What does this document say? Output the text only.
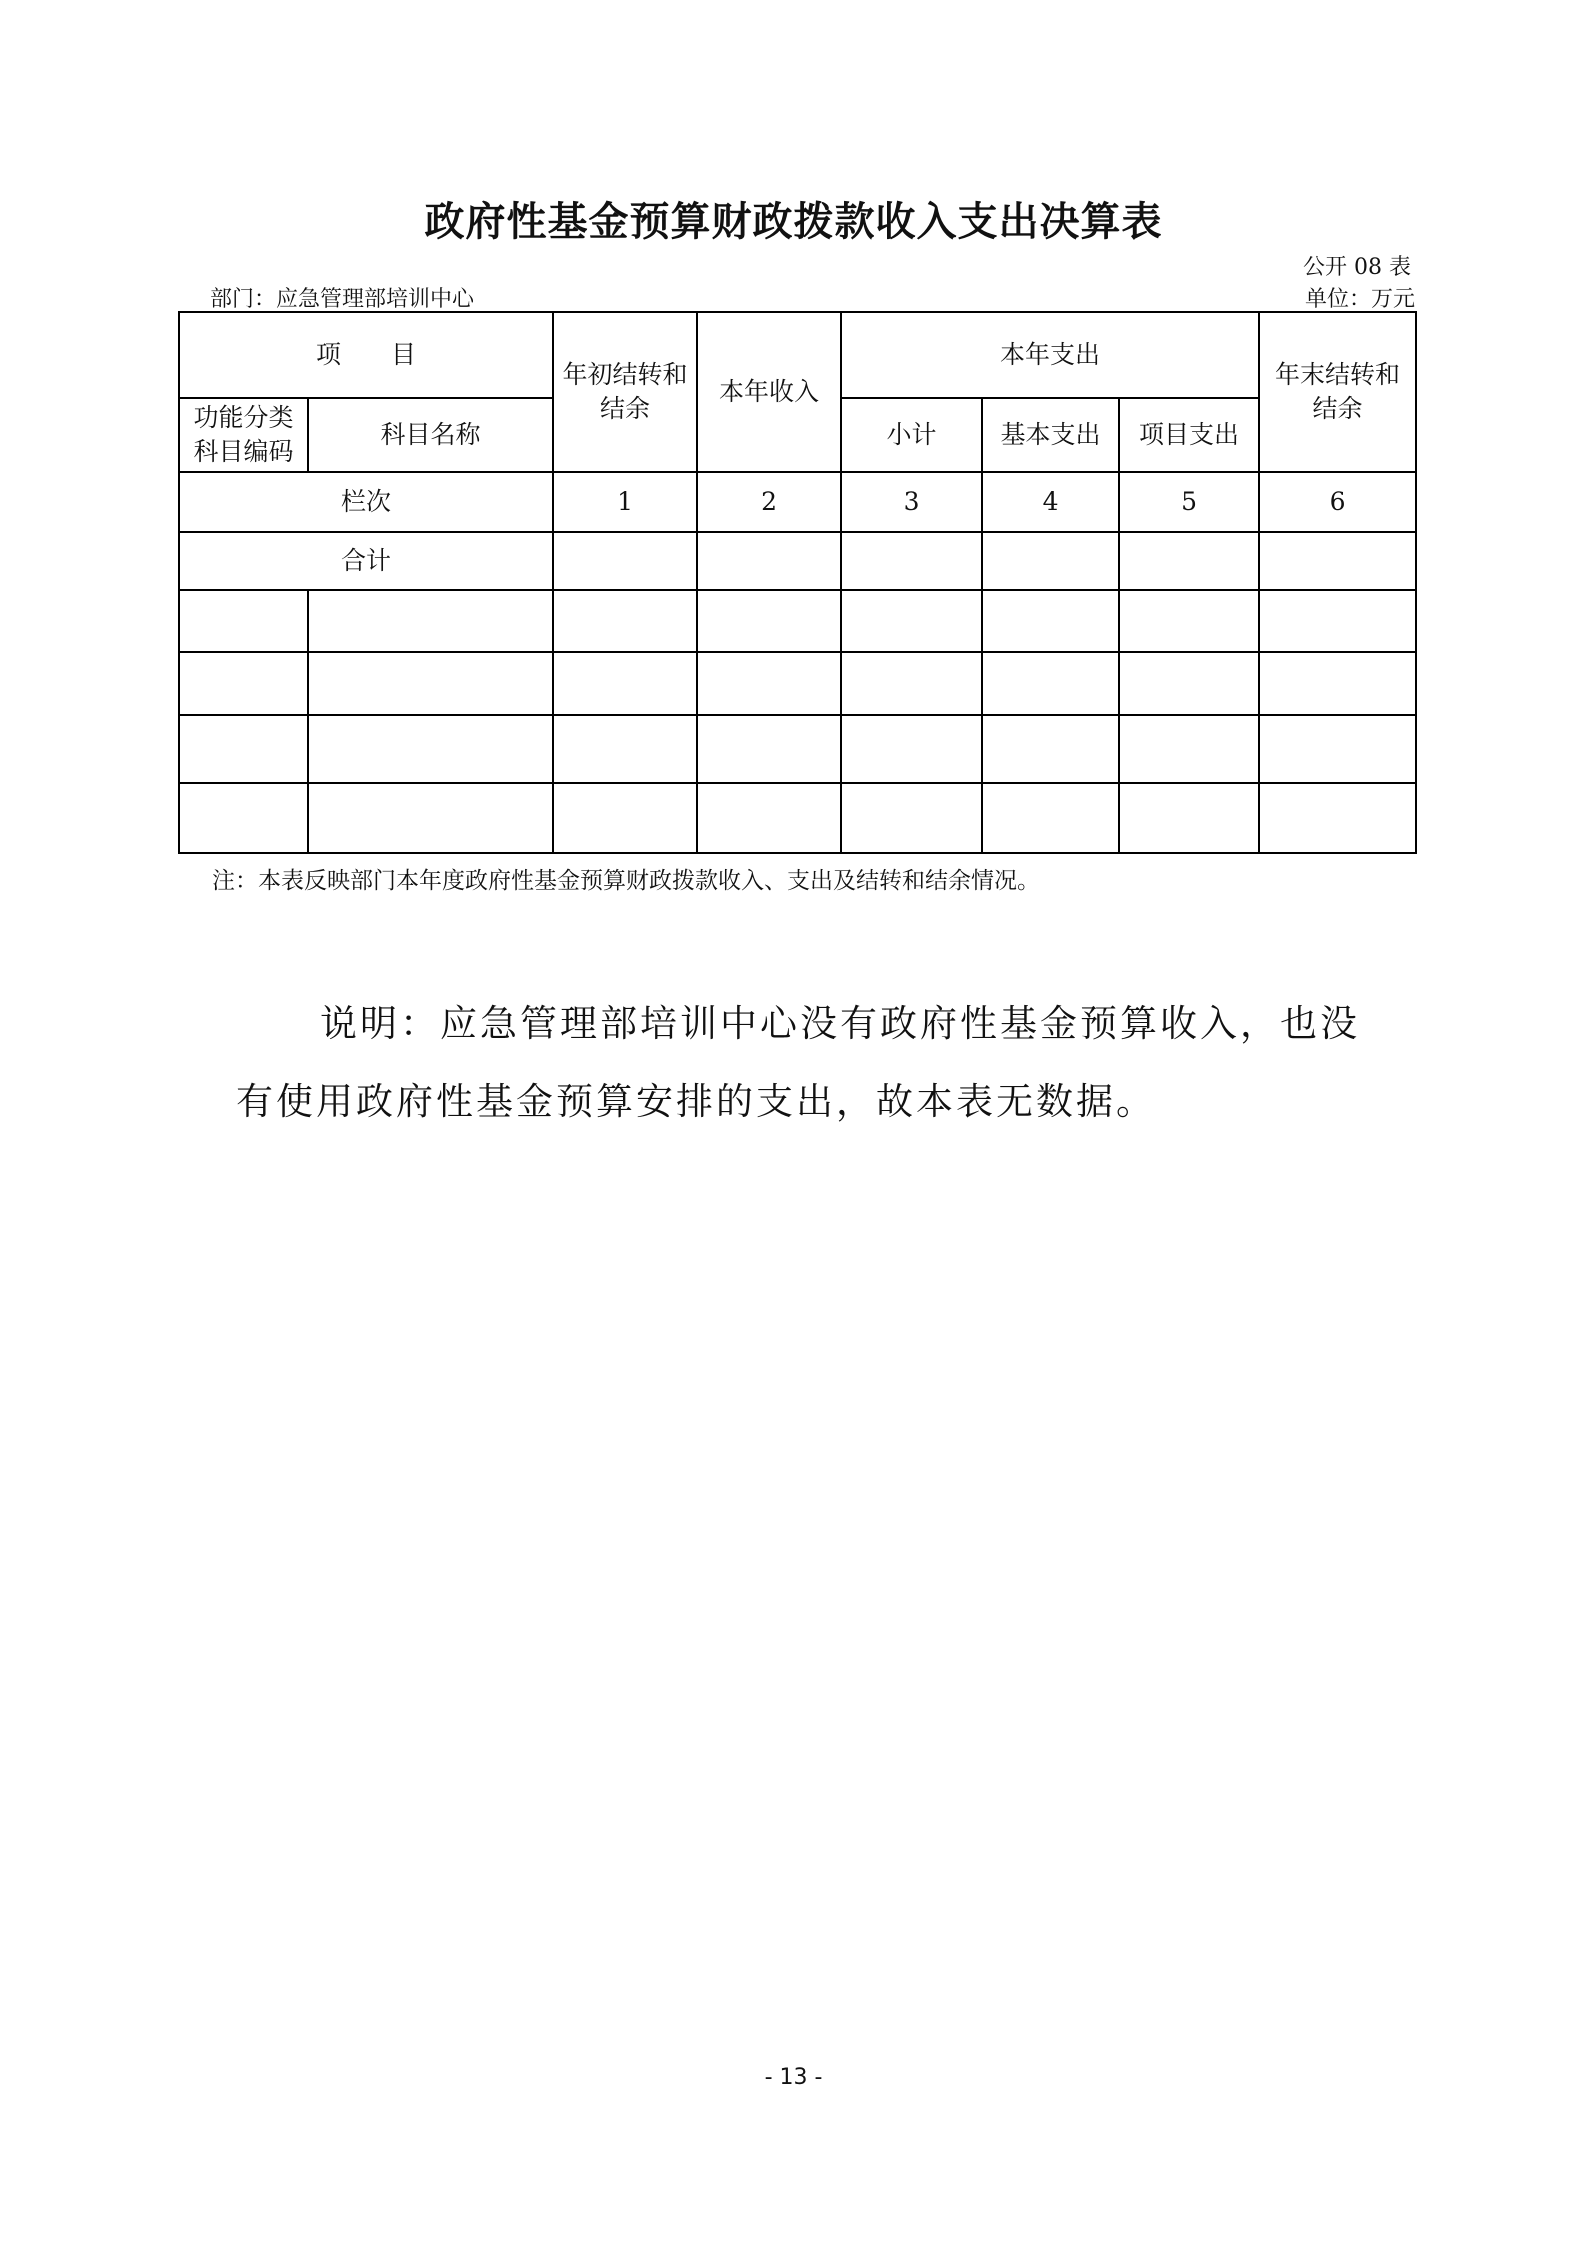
政府性基金预算财政拨款收入支出决算表
公开 08 表
部门：应急管理部培训中心	单位：万元
项　　目		年初结转和结余	本年收入	本年支出			年末结转和结余
功能分类科目编码	科目名称			小计	基本支出	项目支出	
栏次		1	2	3	4	5	6
合计							

注：本表反映部门本年度政府性基金预算财政拨款收入、支出及结转和结余情况。
说明：应急管理部培训中心没有政府性基金预算收入，也没有使用政府性基金预算安排的支出，故本表无数据。
- 13 -
